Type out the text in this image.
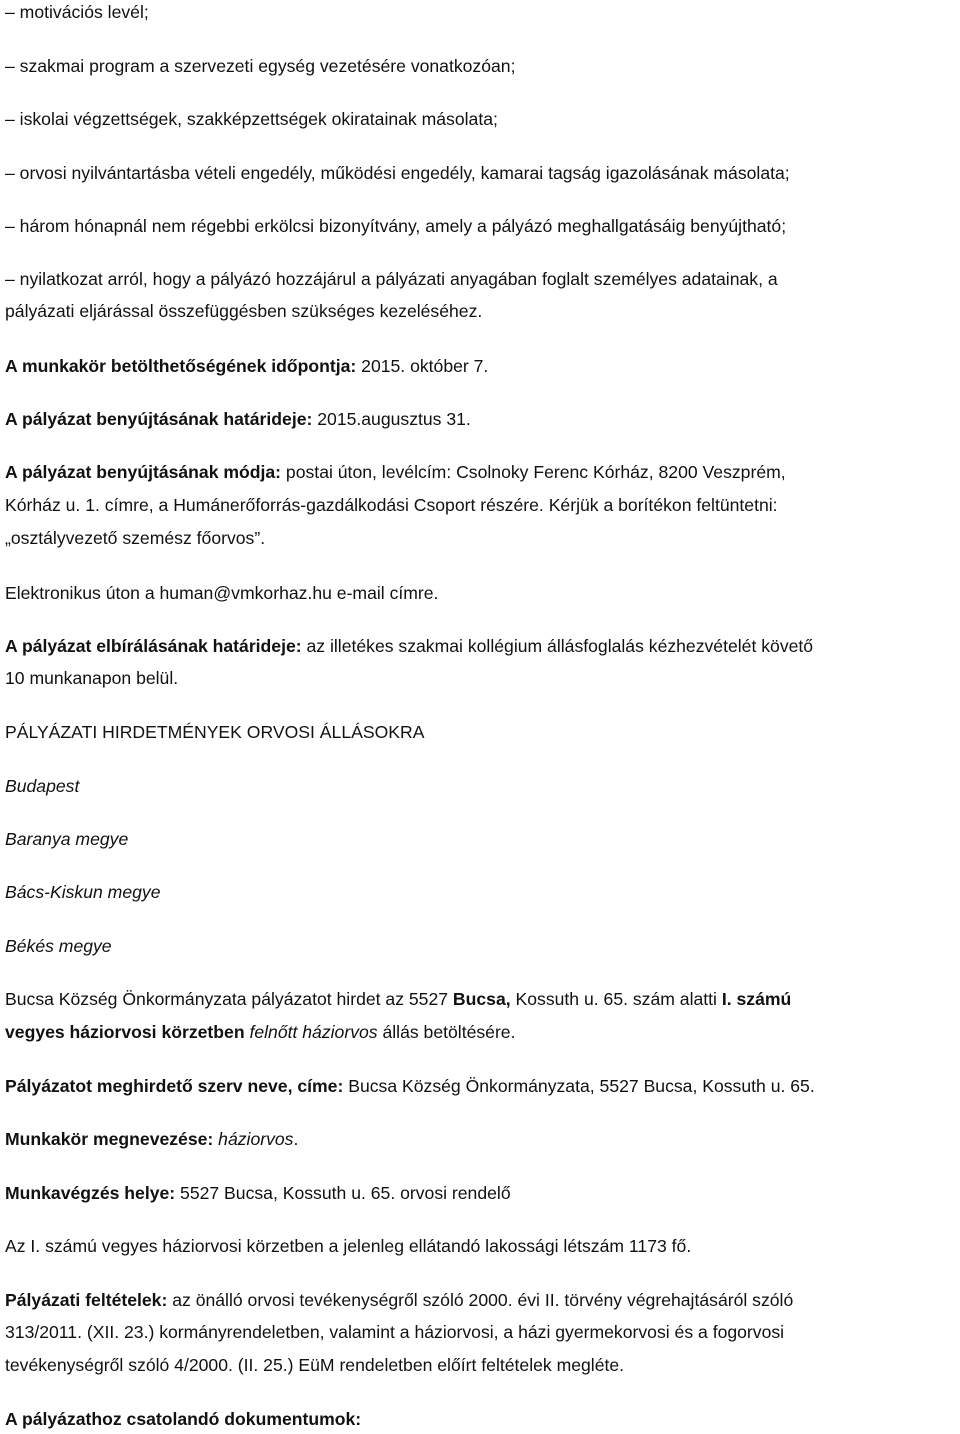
– motivációs levél;
– szakmai program a szervezeti egység vezetésére vonatkozóan;
– iskolai végzettségek, szakképzettségek okiratainak másolata;
– orvosi nyilvántartásba vételi engedély, működési engedély, kamarai tagság igazolásának másolata;
– három hónapnál nem régebbi erkölcsi bizonyítvány, amely a pályázó meghallgatásáig benyújtható;
– nyilatkozat arról, hogy a pályázó hozzájárul a pályázati anyagában foglalt személyes adatainak, a
pályázati eljárással összefüggésben szükséges kezeléséhez.
A munkakör betölthetőségének időpontja: 2015. október 7.
A pályázat benyújtásának határideje: 2015.augusztus 31.
A pályázat benyújtásának módja: postai úton, levélcím: Csolnoky Ferenc Kórház, 8200 Veszprém,
Kórház u. 1. címre, a Humánerőforrás-gazdálkodási Csoport részére. Kérjük a borítékon feltüntetni:
„osztályvezető szemész főorvos”.
Elektronikus úton a human@vmkorhaz.hu e-mail címre.
A pályázat elbírálásának határideje: az illetékes szakmai kollégium állásfoglalás kézhezvételét követő
10 munkanapon belül.
PÁLYÁZATI HIRDETMÉNYEK ORVOSI ÁLLÁSOKRA
Budapest
Baranya megye
Bács-Kiskun megye
Békés megye
Bucsa Község Önkormányzata pályázatot hirdet az 5527 Bucsa, Kossuth u. 65. szám alatti I. számú
vegyes háziorvosi körzetben felnőtt háziorvos állás betöltésére.
Pályázatot meghirdető szerv neve, címe: Bucsa Község Önkormányzata, 5527 Bucsa, Kossuth u. 65.
Munkakör megnevezése: háziorvos.
Munkavégzés helye: 5527 Bucsa, Kossuth u. 65. orvosi rendelő
Az I. számú vegyes háziorvosi körzetben a jelenleg ellátandó lakossági létszám 1173 fő.
Pályázati feltételek: az önálló orvosi tevékenységről szóló 2000. évi II. törvény végrehajtásáról szóló
313/2011. (XII. 23.) kormányrendeletben, valamint a háziorvosi, a házi gyermekorvosi és a fogorvosi
tevékenységről szóló 4/2000. (II. 25.) EüM rendeletben előírt feltételek megléte.
A pályázathoz csatolandó dokumentumok:
